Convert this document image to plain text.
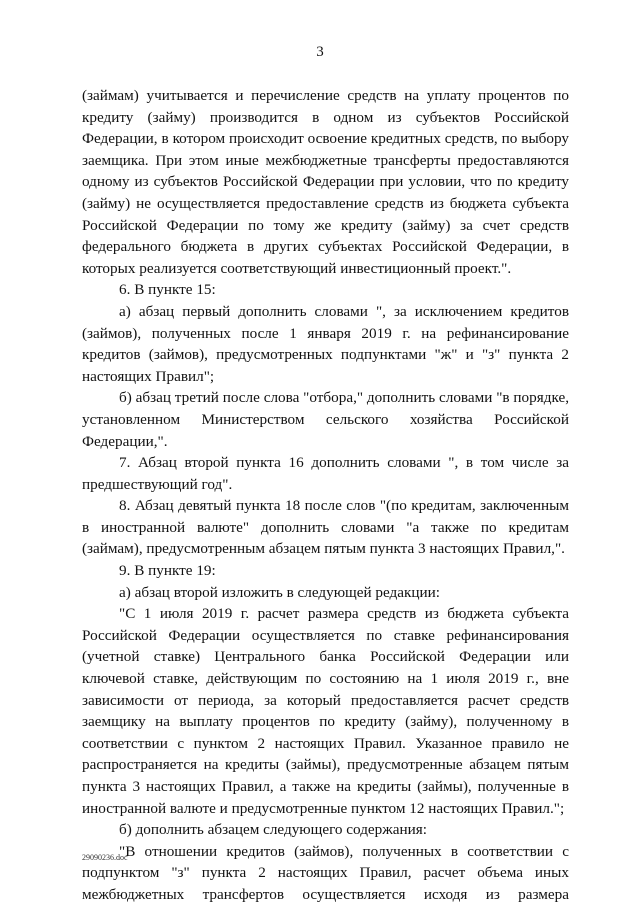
3

(займам) учитывается и перечисление средств на уплату процентов по кредиту (займу) производится в одном из субъектов Российской Федерации, в котором происходит освоение кредитных средств, по выбору заемщика. При этом иные межбюджетные трансферты предоставляются одному из субъектов Российской Федерации при условии, что по кредиту (займу) не осуществляется предоставление средств из бюджета субъекта Российской Федерации по тому же кредиту (займу) за счет средств федерального бюджета в других субъектах Российской Федерации, в которых реализуется соответствующий инвестиционный проект.".

6. В пункте 15:

а) абзац первый дополнить словами ", за исключением кредитов (займов), полученных после 1 января 2019 г. на рефинансирование кредитов (займов), предусмотренных подпунктами "ж" и "з" пункта 2 настоящих Правил";

б) абзац третий после слова "отбора," дополнить словами "в порядке, установленном Министерством сельского хозяйства Российской Федерации,".

7. Абзац второй пункта 16 дополнить словами ", в том числе за предшествующий год".

8. Абзац девятый пункта 18 после слов "(по кредитам, заключенным в иностранной валюте" дополнить словами "а также по кредитам (займам), предусмотренным абзацем пятым пункта 3 настоящих Правил,".

9. В пункте 19:

а) абзац второй изложить в следующей редакции:

"С 1 июля 2019 г. расчет размера средств из бюджета субъекта Российской Федерации осуществляется по ставке рефинансирования (учетной ставке) Центрального банка Российской Федерации или ключевой ставке, действующим по состоянию на 1 июля 2019 г., вне зависимости от периода, за который предоставляется расчет средств заемщику на выплату процентов по кредиту (займу), полученному в соответствии с пунктом 2 настоящих Правил. Указанное правило не распространяется на кредиты (займы), предусмотренные абзацем пятым пункта 3 настоящих Правил, а также на кредиты (займы), полученные в иностранной валюте и предусмотренные пунктом 12 настоящих Правил.";

б) дополнить абзацем следующего содержания:

"В отношении кредитов (займов), полученных в соответствии с подпунктом "з" пункта 2 настоящих Правил, расчет объема иных межбюджетных трансфертов осуществляется исходя из размера

29090236.doc
